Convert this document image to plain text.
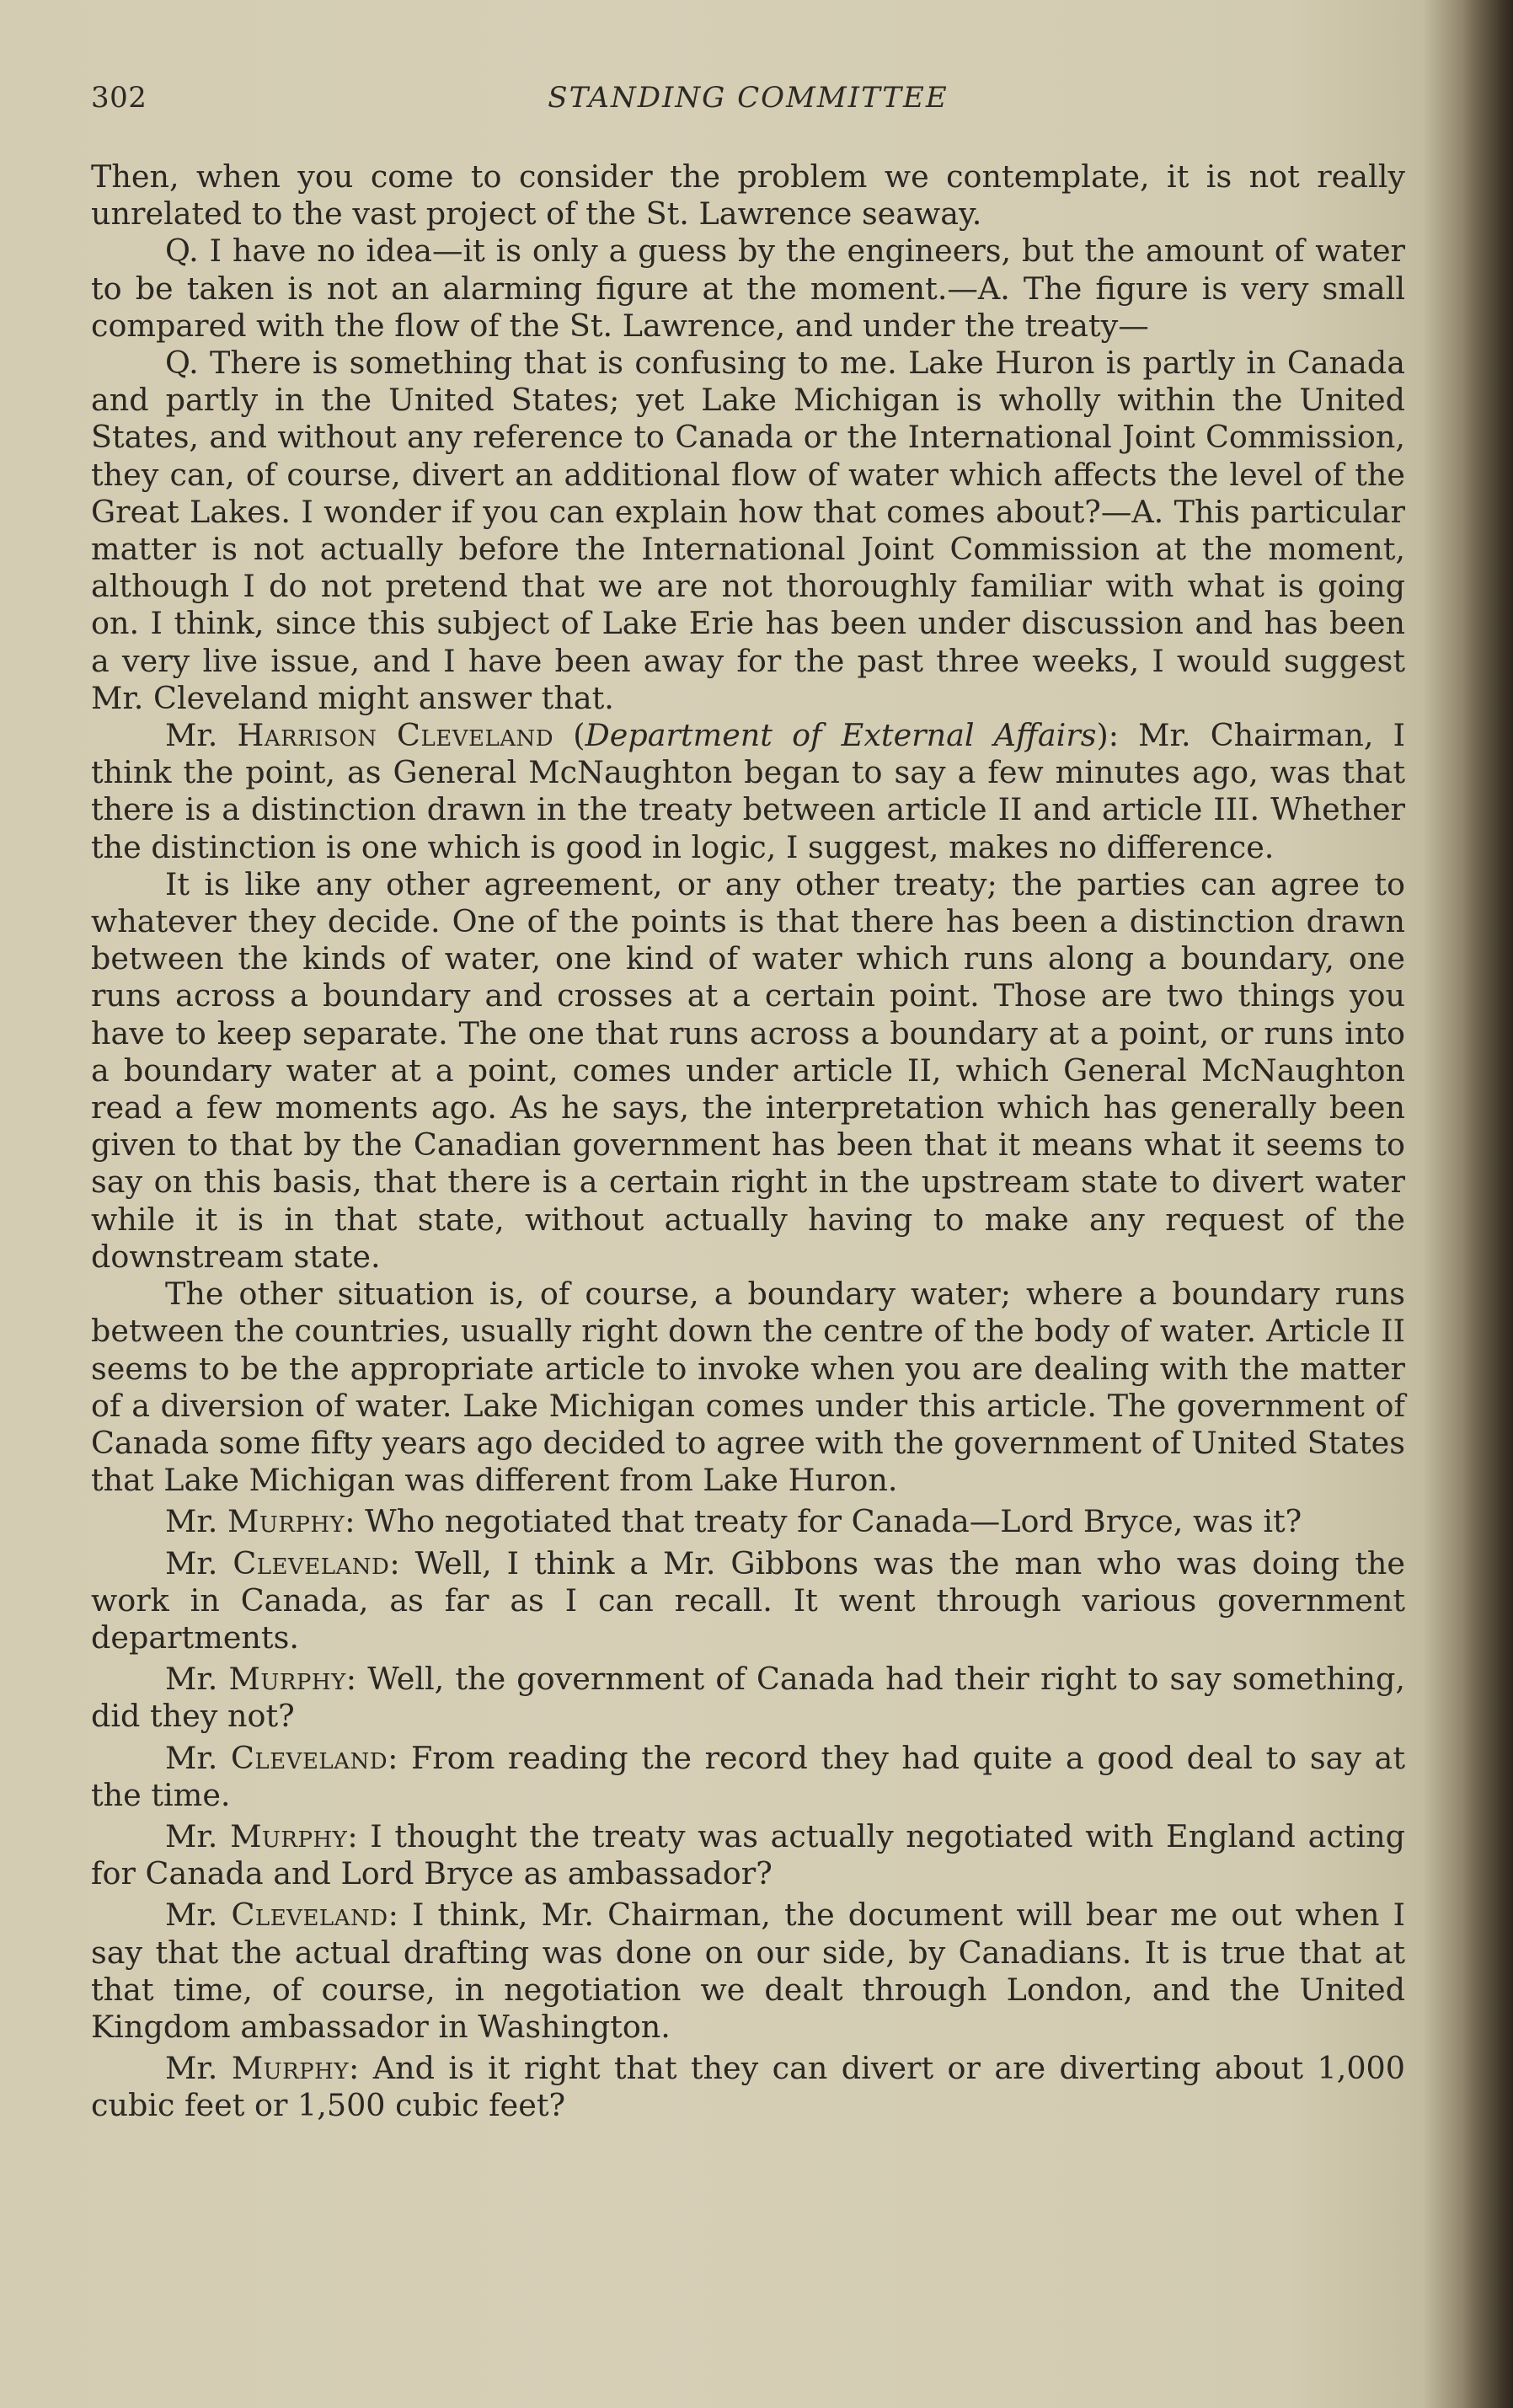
302	STANDING COMMITTEE

Then, when you come to consider the problem we contemplate, it is not really unrelated to the vast project of the St. Lawrence seaway.

Q. I have no idea—it is only a guess by the engineers, but the amount of water to be taken is not an alarming figure at the moment.—A. The figure is very small compared with the flow of the St. Lawrence, and under the treaty—

Q. There is something that is confusing to me. Lake Huron is partly in Canada and partly in the United States; yet Lake Michigan is wholly within the United States, and without any reference to Canada or the International Joint Commission, they can, of course, divert an additional flow of water which affects the level of the Great Lakes. I wonder if you can explain how that comes about?—A. This particular matter is not actually before the International Joint Commission at the moment, although I do not pretend that we are not thoroughly familiar with what is going on. I think, since this subject of Lake Erie has been under discussion and has been a very live issue, and I have been away for the past three weeks, I would suggest Mr. Cleveland might answer that.

Mr. Harrison Cleveland (Department of External Affairs): Mr. Chairman, I think the point, as General McNaughton began to say a few minutes ago, was that there is a distinction drawn in the treaty between article II and article III. Whether the distinction is one which is good in logic, I suggest, makes no difference.

It is like any other agreement, or any other treaty; the parties can agree to whatever they decide. One of the points is that there has been a distinction drawn between the kinds of water, one kind of water which runs along a boundary, one runs across a boundary and crosses at a certain point. Those are two things you have to keep separate. The one that runs across a boundary at a point, or runs into a boundary water at a point, comes under article II, which General McNaughton read a few moments ago. As he says, the interpretation which has generally been given to that by the Canadian government has been that it means what it seems to say on this basis, that there is a certain right in the upstream state to divert water while it is in that state, without actually having to make any request of the downstream state.

The other situation is, of course, a boundary water; where a boundary runs between the countries, usually right down the centre of the body of water. Article II seems to be the appropriate article to invoke when you are dealing with the matter of a diversion of water. Lake Michigan comes under this article. The government of Canada some fifty years ago decided to agree with the government of United States that Lake Michigan was different from Lake Huron.

Mr. Murphy: Who negotiated that treaty for Canada—Lord Bryce, was it?

Mr. Cleveland: Well, I think a Mr. Gibbons was the man who was doing the work in Canada, as far as I can recall. It went through various government departments.

Mr. Murphy: Well, the government of Canada had their right to say something, did they not?

Mr. Cleveland: From reading the record they had quite a good deal to say at the time.

Mr. Murphy: I thought the treaty was actually negotiated with England acting for Canada and Lord Bryce as ambassador?

Mr. Cleveland: I think, Mr. Chairman, the document will bear me out when I say that the actual drafting was done on our side, by Canadians. It is true that at that time, of course, in negotiation we dealt through London, and the United Kingdom ambassador in Washington.

Mr. Murphy: And is it right that they can divert or are diverting about 1,000 cubic feet or 1,500 cubic feet?
